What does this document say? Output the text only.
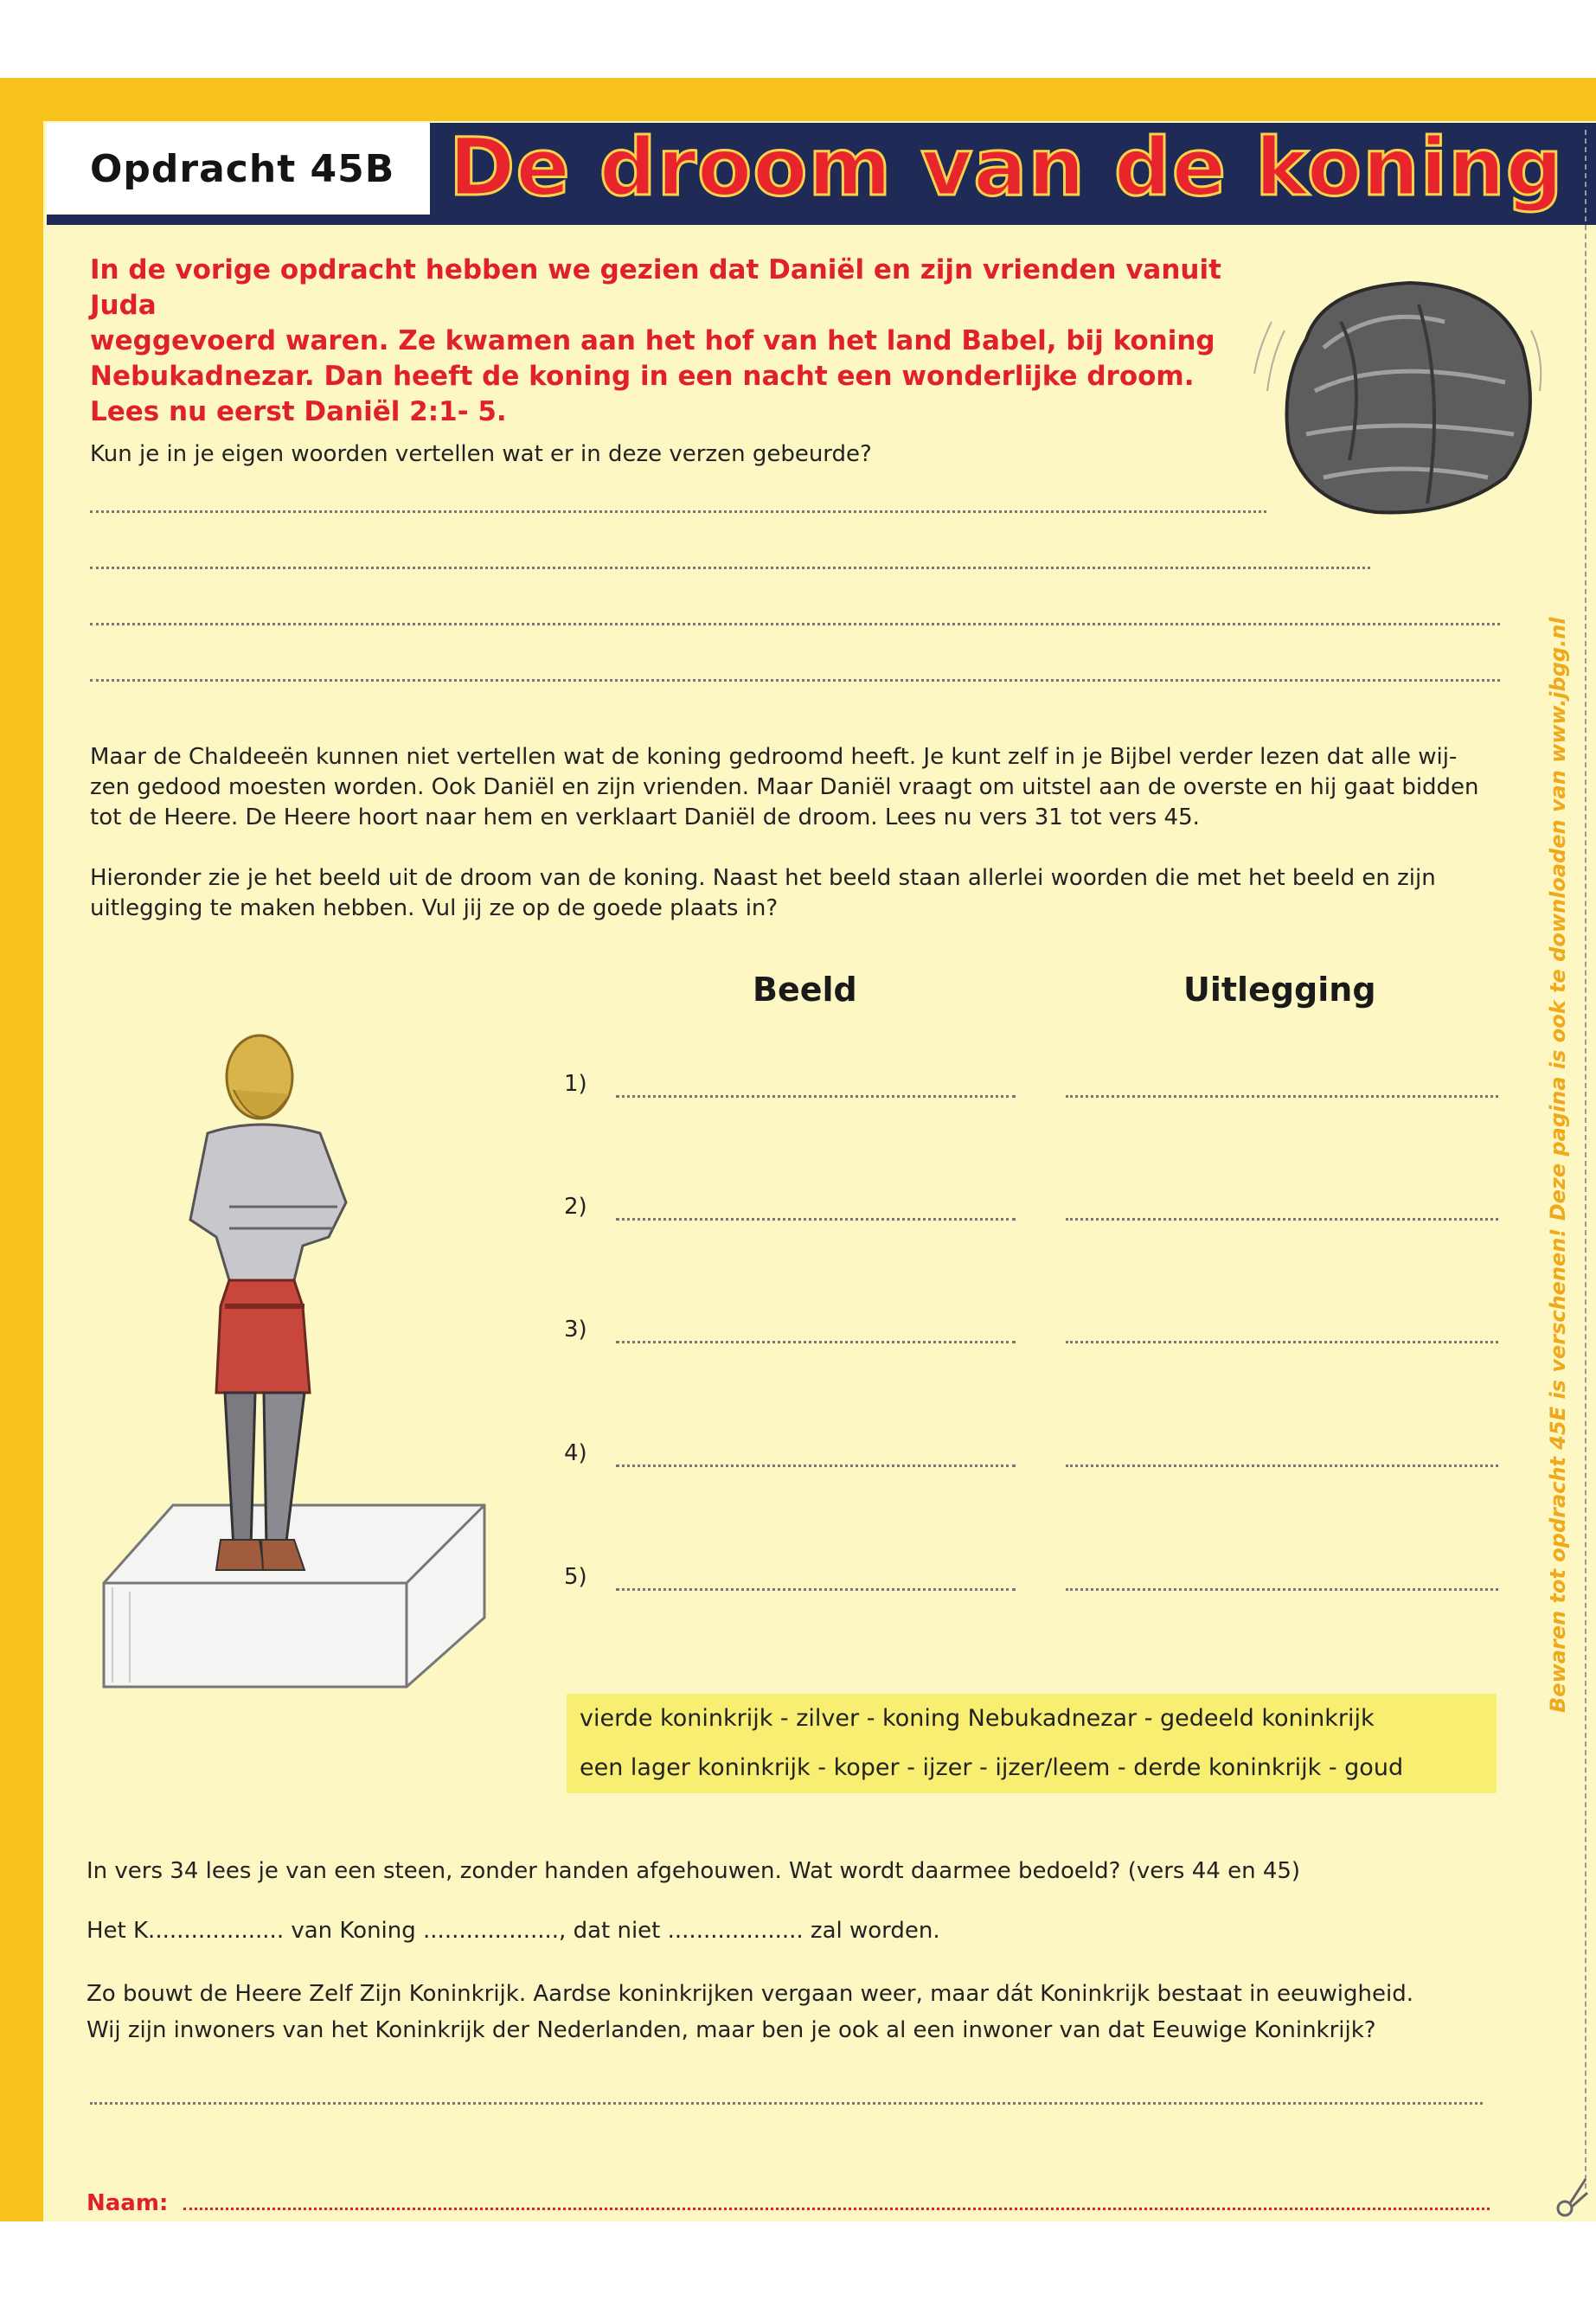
Opdracht 45B De droom van de koning
In de vorige opdracht hebben we gezien dat Daniël en zijn vrienden vanuit Juda
weggevoerd waren. Ze kwamen aan het hof van het land Babel, bij koning
Nebukadnezar. Dan heeft de koning in een nacht een wonderlijke droom.
Lees nu eerst Daniël 2:1- 5.
Kun je in je eigen woorden vertellen wat er in deze verzen gebeurde?
Maar de Chaldeeën kunnen niet vertellen wat de koning gedroomd heeft. Je kunt zelf in je Bijbel verder lezen dat alle wij-
zen gedood moesten worden. Ook Daniël en zijn vrienden. Maar Daniël vraagt om uitstel aan de overste en hij gaat bidden
tot de Heere. De Heere hoort naar hem en verklaart Daniël de droom. Lees nu vers 31 tot vers 45.
Hieronder zie je het beeld uit de droom van de koning. Naast het beeld staan allerlei woorden die met het beeld en zijn
uitlegging te maken hebben. Vul jij ze op de goede plaats in?
Beeld	Uitlegging
1)
2)
3)
4)
5)
vierde koninkrijk - zilver - koning Nebukadnezar - gedeeld koninkrijk
een lager koninkrijk - koper - ijzer - ijzer/leem - derde koninkrijk - goud
In vers 34 lees je van een steen, zonder handen afgehouwen. Wat wordt daarmee bedoeld? (vers 44 en 45)
Het K................... van Koning ..................., dat niet ................... zal worden.
Zo bouwt de Heere Zelf Zijn Koninkrijk. Aardse koninkrijken vergaan weer, maar dát Koninkrijk bestaat in eeuwigheid.
Wij zijn inwoners van het Koninkrijk der Nederlanden, maar ben je ook al een inwoner van dat Eeuwige Koninkrijk?
Naam:
Bewaren tot opdracht 45E is verschenen! Deze pagina is ook te downloaden van www.jbgg.nl
